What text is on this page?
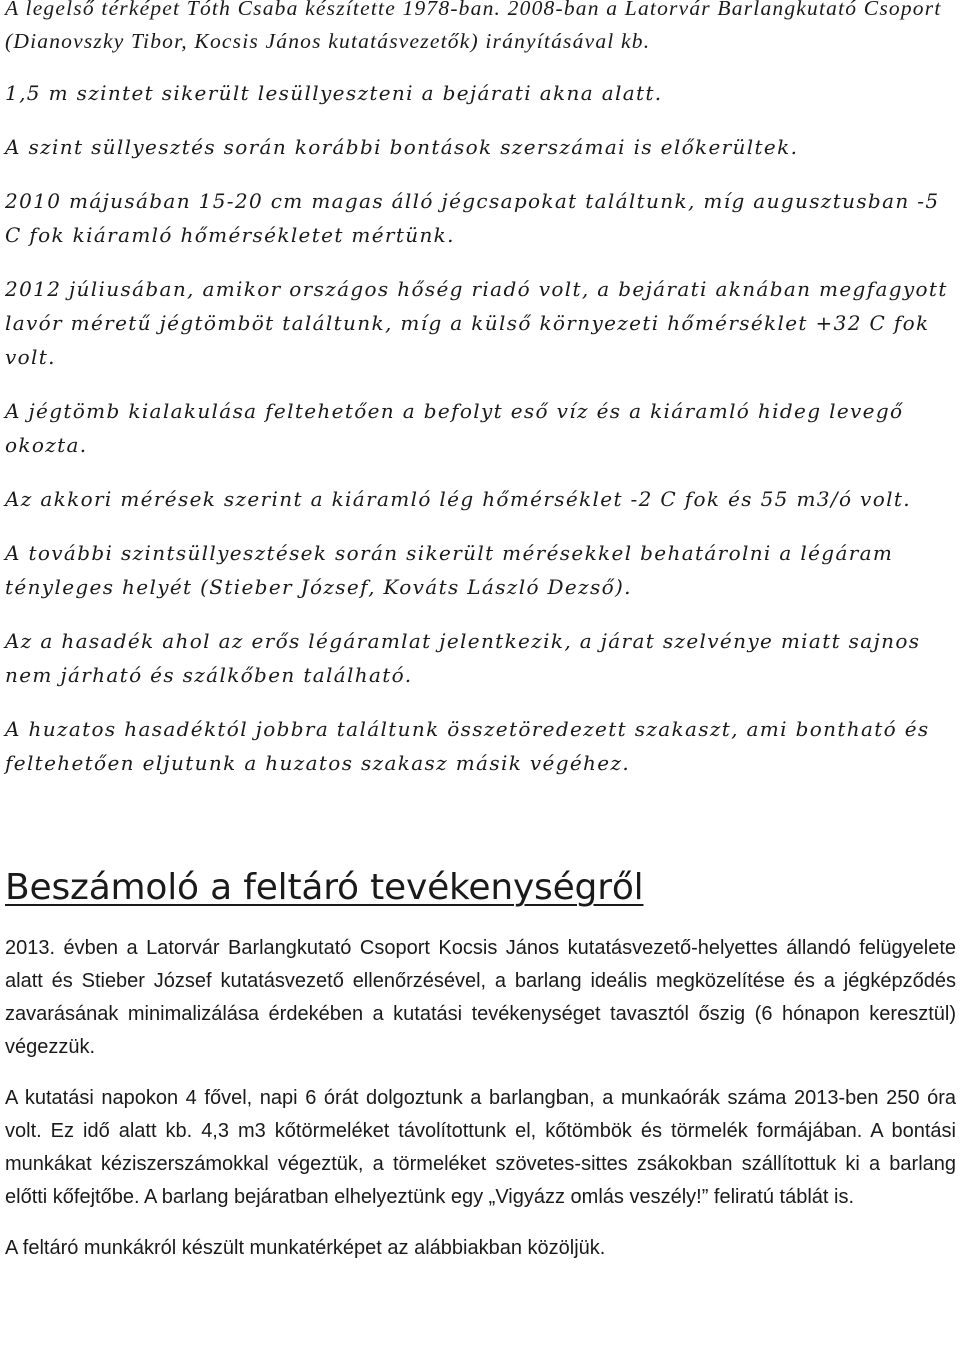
A legelső térképet Tóth Csaba készítette 1978-ban. 2008-ban a Latorvár Barlangkutató Csoport (Dianovszky Tibor, Kocsis János kutatásvezetők) irányításával kb.

1,5 m szintet sikerült lesüllyeszteni a bejárati akna alatt.

A szint süllyesztés során korábbi bontások szerszámai is előkerültek.

2010 májusában 15-20 cm magas álló jégcsapokat találtunk, míg augusztusban -5 C fok kiáramló hőmérsékletet mértünk.

2012 júliusában, amikor országos hőség riadó volt, a bejárati aknában megfagyott lavór méretű jégtömböt találtunk, míg a külső környezeti hőmérséklet +32 C fok volt.

A jégtömb kialakulása feltehetően a befolyt eső víz és a kiáramló hideg levegő okozta.

Az akkori mérések szerint a kiáramló lég hőmérséklet -2 C fok és 55 m3/ó volt.

A további szintsüllyesztések során sikerült mérésekkel behatárolni a légáram tényleges helyét (Stieber József, Kováts László Dezső).

Az a hasadék ahol az erős légáramlat jelentkezik, a járat szelvénye miatt sajnos nem járható és szálkőben található.

A huzatos hasadéktól jobbra találtunk összetöredezett szakaszt, ami bontható és feltehetően eljutunk a huzatos szakasz másik végéhez.

Beszámoló a feltáró tevékenységről

2013. évben a Latorvár Barlangkutató Csoport Kocsis János kutatásvezető-helyettes állandó felügyelete alatt és Stieber József kutatásvezető ellenőrzésével, a barlang ideális megközelítése és a jégképződés zavarásának minimalizálása érdekében a kutatási tevékenységet tavasztól őszig (6 hónapon keresztül) végezzük.

A kutatási napokon 4 fővel, napi 6 órát dolgoztunk a barlangban, a munkaórák száma 2013-ben 250 óra volt. Ez idő alatt kb. 4,3 m3 kőtörmeléket távolítottunk el, kőtömbök és törmelék formájában. A bontási munkákat kéziszerszámokkal végeztük, a törmeléket szövetes-sittes zsákokban szállítottuk ki a barlang előtti kőfejtőbe. A barlang bejáratban elhelyeztünk egy „Vigyázz omlás veszély!” feliratú táblát is.

A feltáró munkákról készült munkatérképet az alábbiakban közöljük.
